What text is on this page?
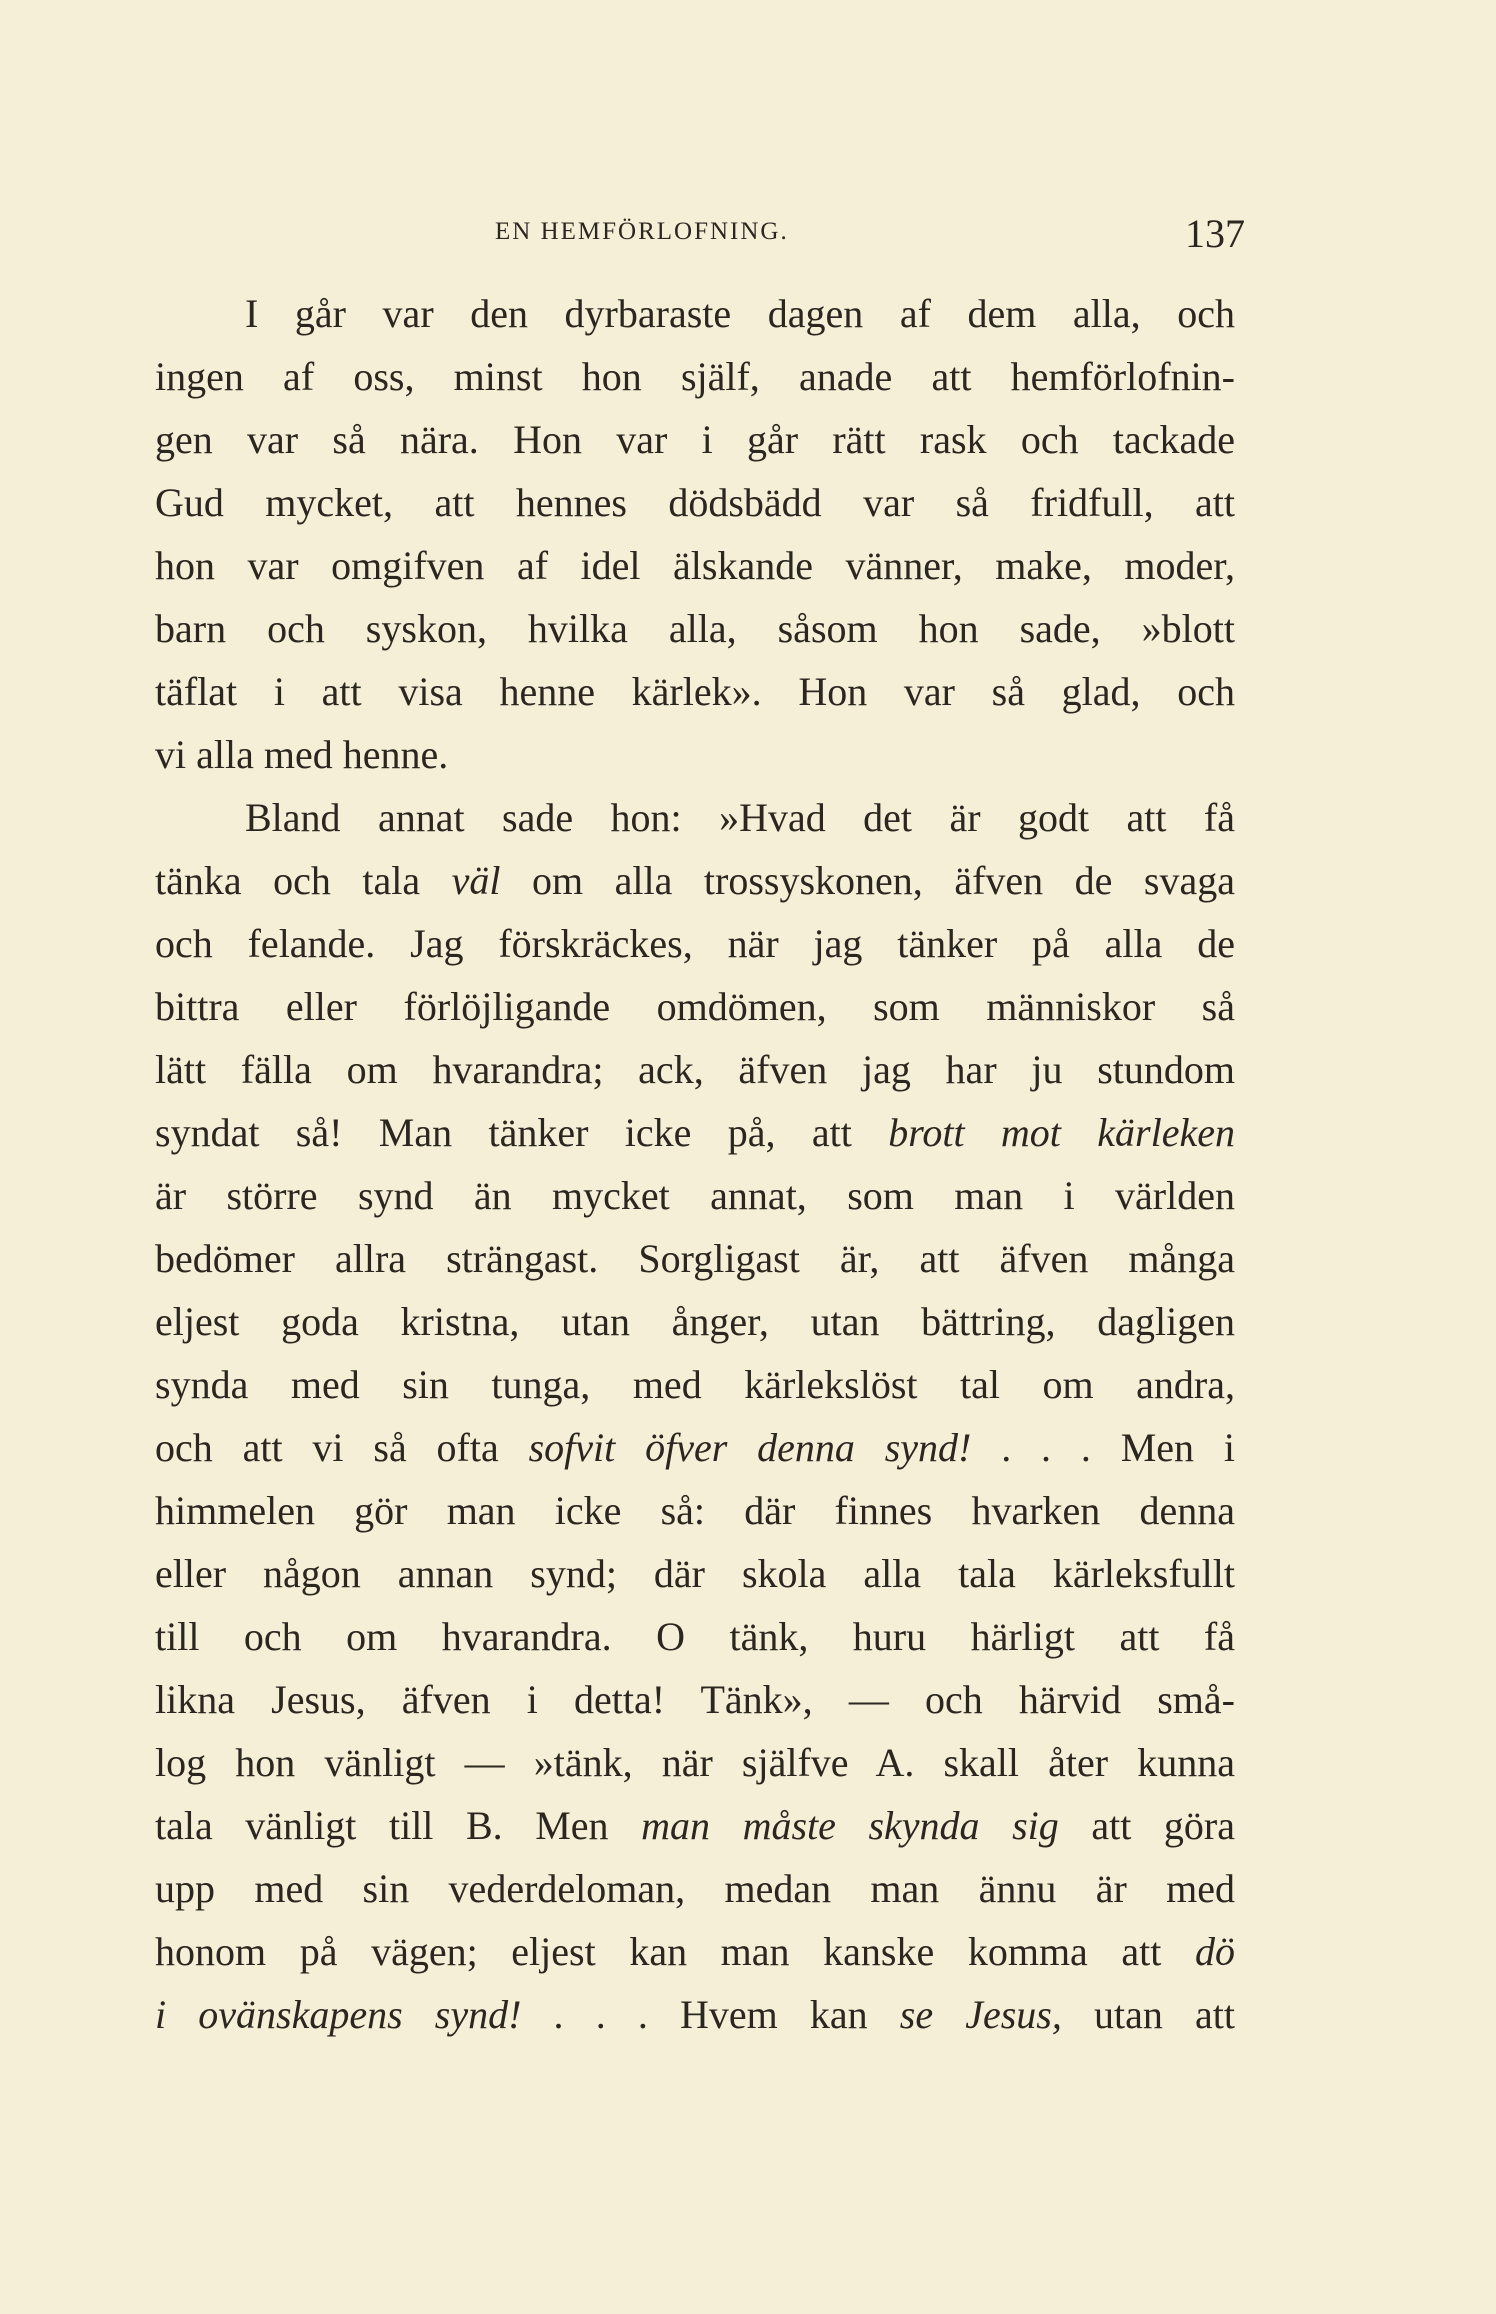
EN HEMFÖRLOFNING.	137
I går var den dyrbaraste dagen af dem alla, och
ingen af oss, minst hon själf, anade att hemförlofnin-
gen var så nära. Hon var i går rätt rask och tackade
Gud mycket, att hennes dödsbädd var så fridfull, att
hon var omgifven af idel älskande vänner, make, moder,
barn och syskon, hvilka alla, såsom hon sade, »blott
täflat i att visa henne kärlek». Hon var så glad, och
vi alla med henne.
Bland annat sade hon: »Hvad det är godt att få
tänka och tala väl om alla trossyskonen, äfven de svaga
och felande. Jag förskräckes, när jag tänker på alla de
bittra eller förlöjligande omdömen, som människor så
lätt fälla om hvarandra; ack, äfven jag har ju stundom
syndat så! Man tänker icke på, att brott mot kärleken
är större synd än mycket annat, som man i världen
bedömer allra strängast. Sorgligast är, att äfven många
eljest goda kristna, utan ånger, utan bättring, dagligen
synda med sin tunga, med kärlekslöst tal om andra,
och att vi så ofta sofvit öfver denna synd! . . . Men i
himmelen gör man icke så: där finnes hvarken denna
eller någon annan synd; där skola alla tala kärleksfullt
till och om hvarandra. O tänk, huru härligt att få
likna Jesus, äfven i detta! Tänk», — och härvid små-
log hon vänligt — »tänk, när själfve A. skall åter kunna
tala vänligt till B. Men man måste skynda sig att göra
upp med sin vederdeloman, medan man ännu är med
honom på vägen; eljest kan man kanske komma att dö
i ovänskapens synd! . . . Hvem kan se Jesus, utan att
